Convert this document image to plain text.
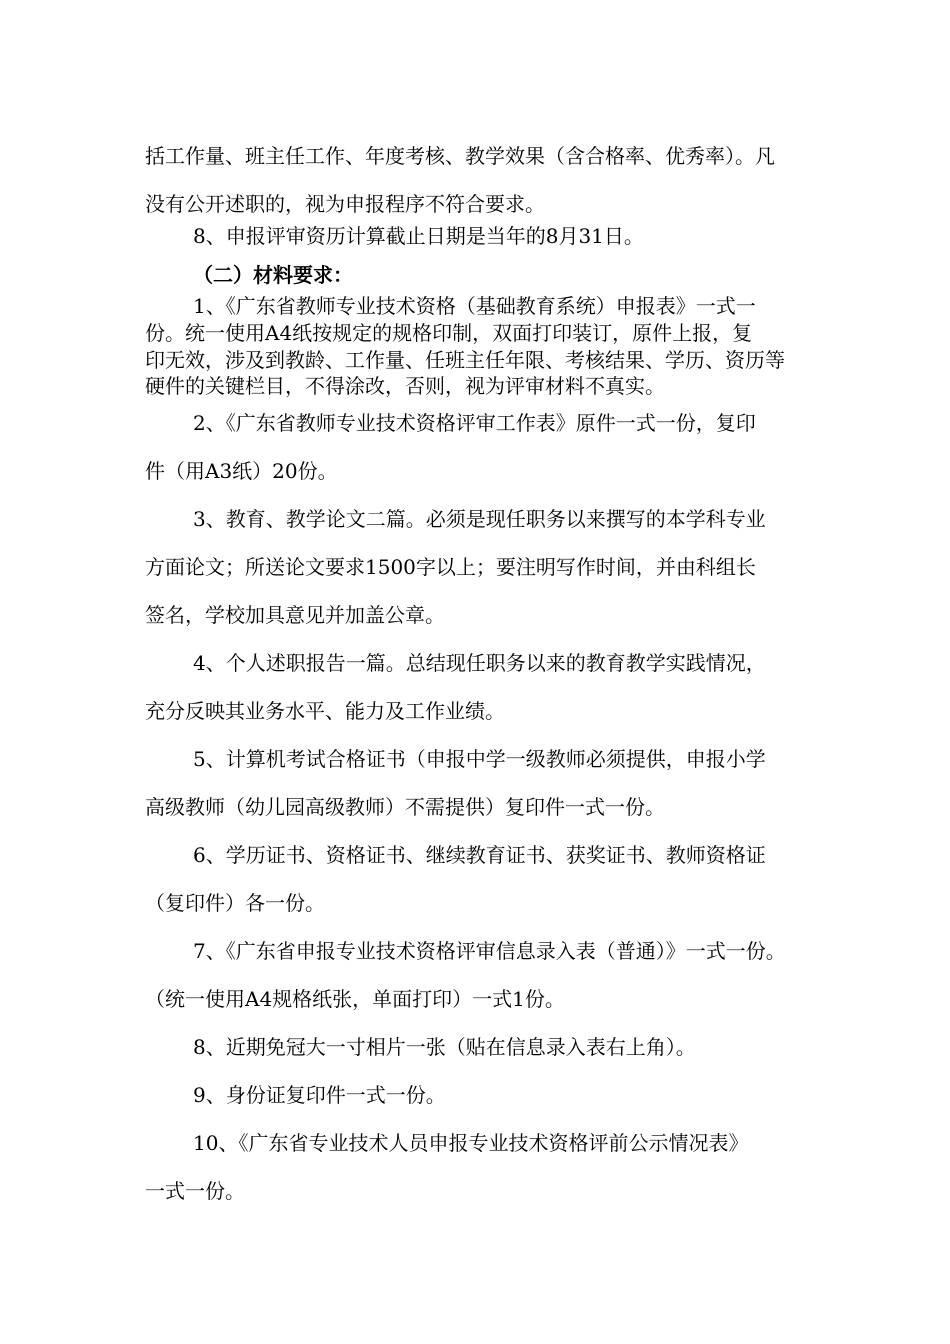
括工作量、班主任工作、年度考核、教学效果（含合格率、优秀率）。凡
没有公开述职的，视为申报程序不符合要求。
8、申报评审资历计算截止日期是当年的8月31日。
（二）材料要求：
1、《广东省教师专业技术资格（基础教育系统）申报表》一式一
份。统一使用A4纸按规定的规格印制，双面打印装订，原件上报，复
印无效，涉及到教龄、工作量、任班主任年限、考核结果、学历、资历等
硬件的关键栏目，不得涂改，否则，视为评审材料不真实。
2、《广东省教师专业技术资格评审工作表》原件一式一份，复印
件（用A3纸）20份。
3、教育、教学论文二篇。必须是现任职务以来撰写的本学科专业
方面论文；所送论文要求1500字以上；要注明写作时间，并由科组长
签名，学校加具意见并加盖公章。
4、个人述职报告一篇。总结现任职务以来的教育教学实践情况，
充分反映其业务水平、能力及工作业绩。
5、计算机考试合格证书（申报中学一级教师必须提供，申报小学
高级教师（幼儿园高级教师）不需提供）复印件一式一份。
6、学历证书、资格证书、继续教育证书、获奖证书、教师资格证
（复印件）各一份。
7、《广东省申报专业技术资格评审信息录入表（普通）》一式一份。
（统一使用A4规格纸张，单面打印）一式1份。
8、近期免冠大一寸相片一张（贴在信息录入表右上角）。
9、身份证复印件一式一份。
10、《广东省专业技术人员申报专业技术资格评前公示情况表》
一式一份。
